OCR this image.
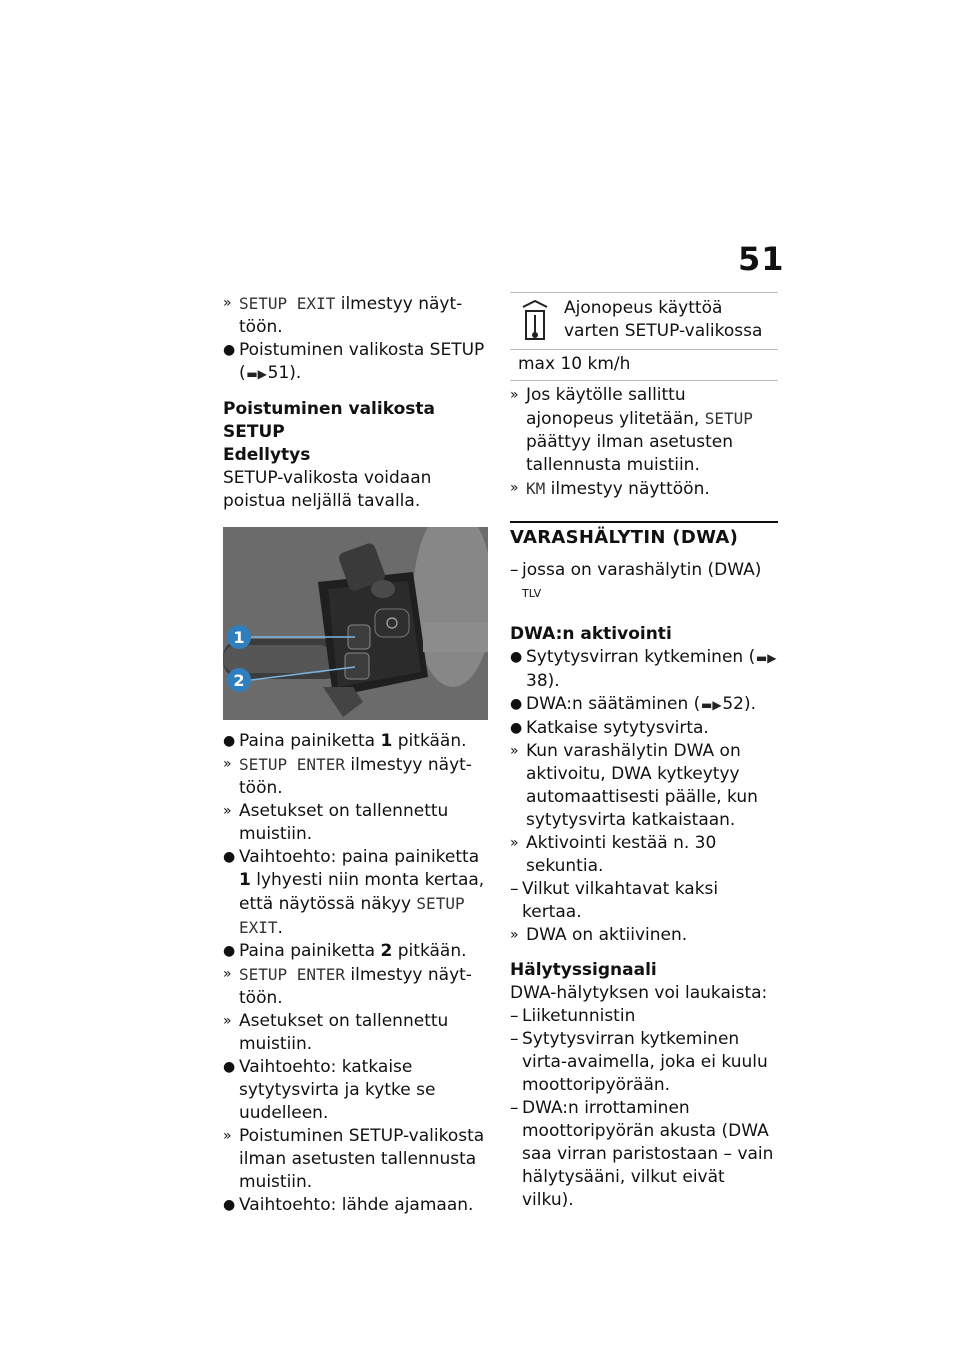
51
» SETUP EXIT ilmestyy näyt-töön.
● Poistuminen valikosta SETUP (▬▶51).
Poistuminen valikosta SETUP
Edellytys

SETUP-valikosta voidaan poistua neljällä tavalla.

1
2
● Paina painiketta 1 pitkään.
» SETUP ENTER ilmestyy näyt-töön.
» Asetukset on tallennettu muistiin.
● Vaihtoehto: paina painiketta 1 lyhyesti niin monta kertaa, että näytössä näkyy SETUP EXIT.
● Paina painiketta 2 pitkään.
» SETUP ENTER ilmestyy näyt-töön.
» Asetukset on tallennettu muistiin.
● Vaihtoehto: katkaise sytytysvirta ja kytke se uudelleen.
» Poistuminen SETUP-valikosta ilman asetusten tallennusta muistiin.
● Vaihtoehto: lähde ajamaan.
Ajonopeus käyttöä varten SETUP-valikossa
max 10 km/h
» Jos käytölle sallittu ajonopeus ylitetään, SETUP päättyy ilman asetusten tallennusta muistiin.
» KM ilmestyy näyttöön.
VARASHÄLYTIN (DWA)
– jossa on varashälytin (DWA) $^{TLV}$
DWA:n aktivointi
● Sytytysvirran kytkeminen (▬▶38).
● DWA:n säätäminen (▬▶52).
● Katkaise sytytysvirta.
» Kun varashälytin DWA on aktivoitu, DWA kytkeytyy automaattisesti päälle, kun sytytysvirta katkaistaan.
» Aktivointi kestää n. 30 sekuntia.
– Vilkut vilkahtavat kaksi kertaa.
» DWA on aktiivinen.
Hälytyssignaali

DWA-hälytyksen voi laukaista:

– Liiketunnistin
– Sytytysvirran kytkeminen virta-avaimella, joka ei kuulu moottoripyörään.
– DWA:n irrottaminen moottoripyörän akusta (DWA saa virran paristostaan – vain hälytysääni, vilkut eivät vilku).
